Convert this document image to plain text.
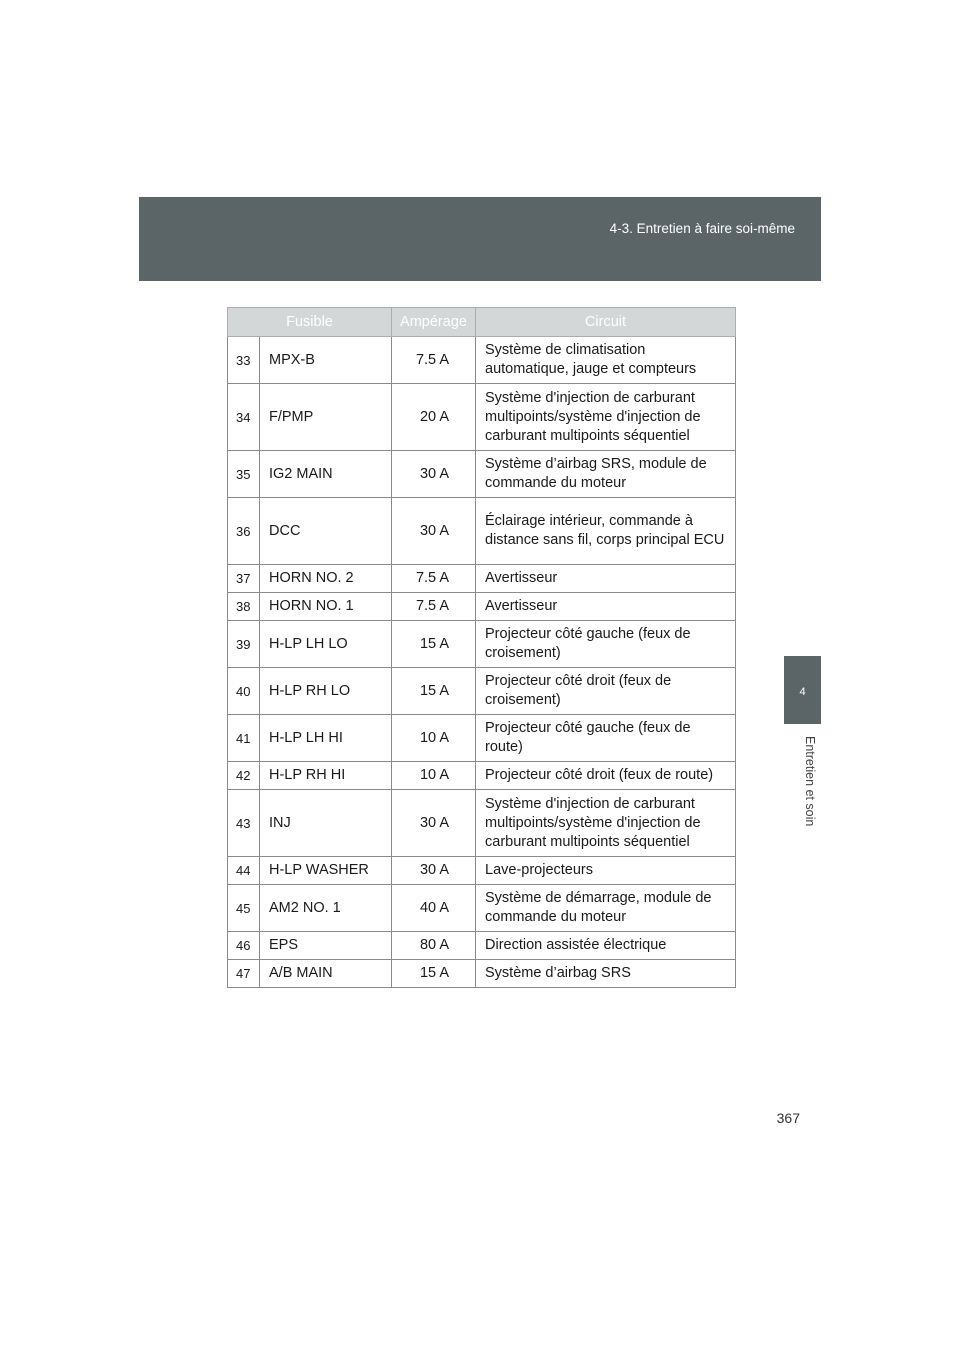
4-3. Entretien à faire soi-même
4
Entretien et soin
Fusible		Ampérage	Circuit
33	MPX-B	7.5 A	Système de climatisation automatique, jauge et compteurs
34	F/PMP	20 A	Système d'injection de carburant multipoints/système d'injection de carburant multipoints séquentiel
35	IG2 MAIN	30 A	Système d’airbag SRS, module de commande du moteur
36	DCC	30 A	Éclairage intérieur, commande à distance sans fil, corps principal ECU
37	HORN NO. 2	7.5 A	Avertisseur
38	HORN NO. 1	7.5 A	Avertisseur
39	H-LP LH LO	15 A	Projecteur côté gauche (feux de croisement)
40	H-LP RH LO	15 A	Projecteur côté droit (feux de croisement)
41	H-LP LH HI	10 A	Projecteur côté gauche (feux de route)
42	H-LP RH HI	10 A	Projecteur côté droit (feux de route)
43	INJ	30 A	Système d'injection de carburant multipoints/système d'injection de carburant multipoints séquentiel
44	H-LP WASHER	30 A	Lave-projecteurs
45	AM2 NO. 1	40 A	Système de démarrage, module de commande du moteur
46	EPS	80 A	Direction assistée électrique
47	A/B MAIN	15 A	Système d’airbag SRS
367
